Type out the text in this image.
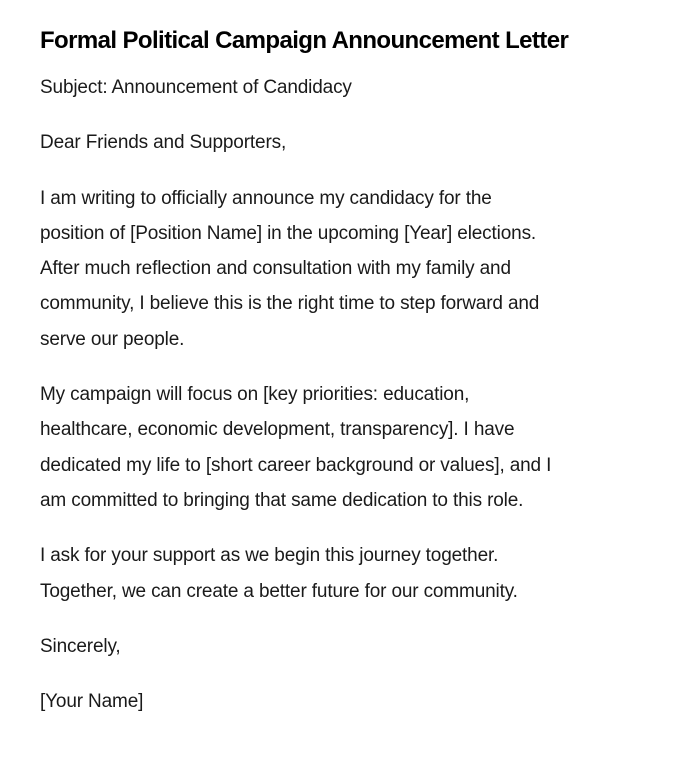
Formal Political Campaign Announcement Letter

Subject: Announcement of Candidacy

Dear Friends and Supporters,

I am writing to officially announce my candidacy for the
position of [Position Name] in the upcoming [Year] elections.
After much reflection and consultation with my family and
community, I believe this is the right time to step forward and
serve our people.

My campaign will focus on [key priorities: education,
healthcare, economic development, transparency]. I have
dedicated my life to [short career background or values], and I
am committed to bringing that same dedication to this role.

I ask for your support as we begin this journey together.
Together, we can create a better future for our community.

Sincerely,

[Your Name]
